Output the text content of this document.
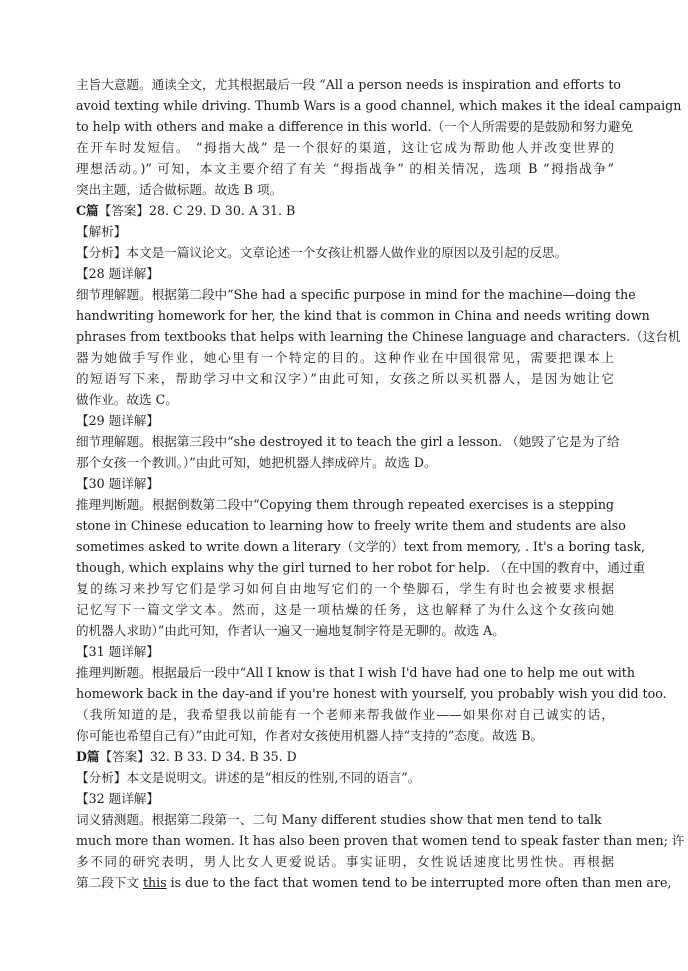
主旨大意题。通读全文，尤其根据最后一段 “All a person needs is inspiration and efforts to
avoid texting while driving. Thumb Wars is a good channel, which makes it the ideal campaign
to help with others and make a difference in this world.（一个人所需要的是鼓励和努力避免
在开车时发短信。 “拇指大战” 是一个很好的渠道，这让它成为帮助他人并改变世界的
理想活动。)” 可知，本文主要介绍了有关 “拇指战争” 的相关情况，选项 B “拇指战争”
突出主题，适合做标题。故选 B 项。
C篇【答案】28. C 29. D 30. A 31. B
【解析】
【分析】本文是一篇议论文。文章论述一个女孩让机器人做作业的原因以及引起的反思。
【28 题详解】
细节理解题。根据第二段中“She had a specific purpose in mind for the machine—doing the
handwriting homework for her, the kind that is common in China and needs writing down
phrases from textbooks that helps with learning the Chinese language and characters.（这台机
器为她做手写作业，她心里有一个特定的目的。这种作业在中国很常见，需要把课本上
的短语写下来，帮助学习中文和汉字）”由此可知，女孩之所以买机器人，是因为她让它
做作业。故选 C。
【29 题详解】
细节理解题。根据第三段中“she destroyed it to teach the girl a lesson. （她毁了它是为了给
那个女孩一个教训。）”由此可知，她把机器人摔成碎片。故选 D。
【30 题详解】
推理判断题。根据倒数第二段中“Copying them through repeated exercises is a stepping
stone in Chinese education to learning how to freely write them and students are also
sometimes asked to write down a literary（文学的）text from memory, . It's a boring task,
though, which explains why the girl turned to her robot for help. （在中国的教育中，通过重
复的练习来抄写它们是学习如何自由地写它们的一个垫脚石，学生有时也会被要求根据
记忆写下一篇文学文本。然而，这是一项枯燥的任务，这也解释了为什么这个女孩向她
的机器人求助）”由此可知，作者认一遍又一遍地复制字符是无聊的。故选 A。
【31 题详解】
推理判断题。根据最后一段中“All I know is that I wish I'd have had one to help me out with
homework back in the day-and if you're honest with yourself, you probably wish you did too.
（我所知道的是，我希望我以前能有一个老师来帮我做作业——如果你对自己诚实的话，
你可能也希望自己有）”由此可知，作者对女孩使用机器人持“支持的”态度。故选 B。
D篇【答案】32. B 33. D 34. B 35. D
【分析】本文是说明文。讲述的是“相反的性别,不同的语言”。
【32 题详解】
词义猜测题。根据第二段第一、二句 Many different studies show that men tend to talk
much more than women. It has also been proven that women tend to speak faster than men; 许
多不同的研究表明，男人比女人更爱说话。事实证明，女性说话速度比男性快。再根据
第二段下文 this is due to the fact that women tend to be interrupted more often than men are,
